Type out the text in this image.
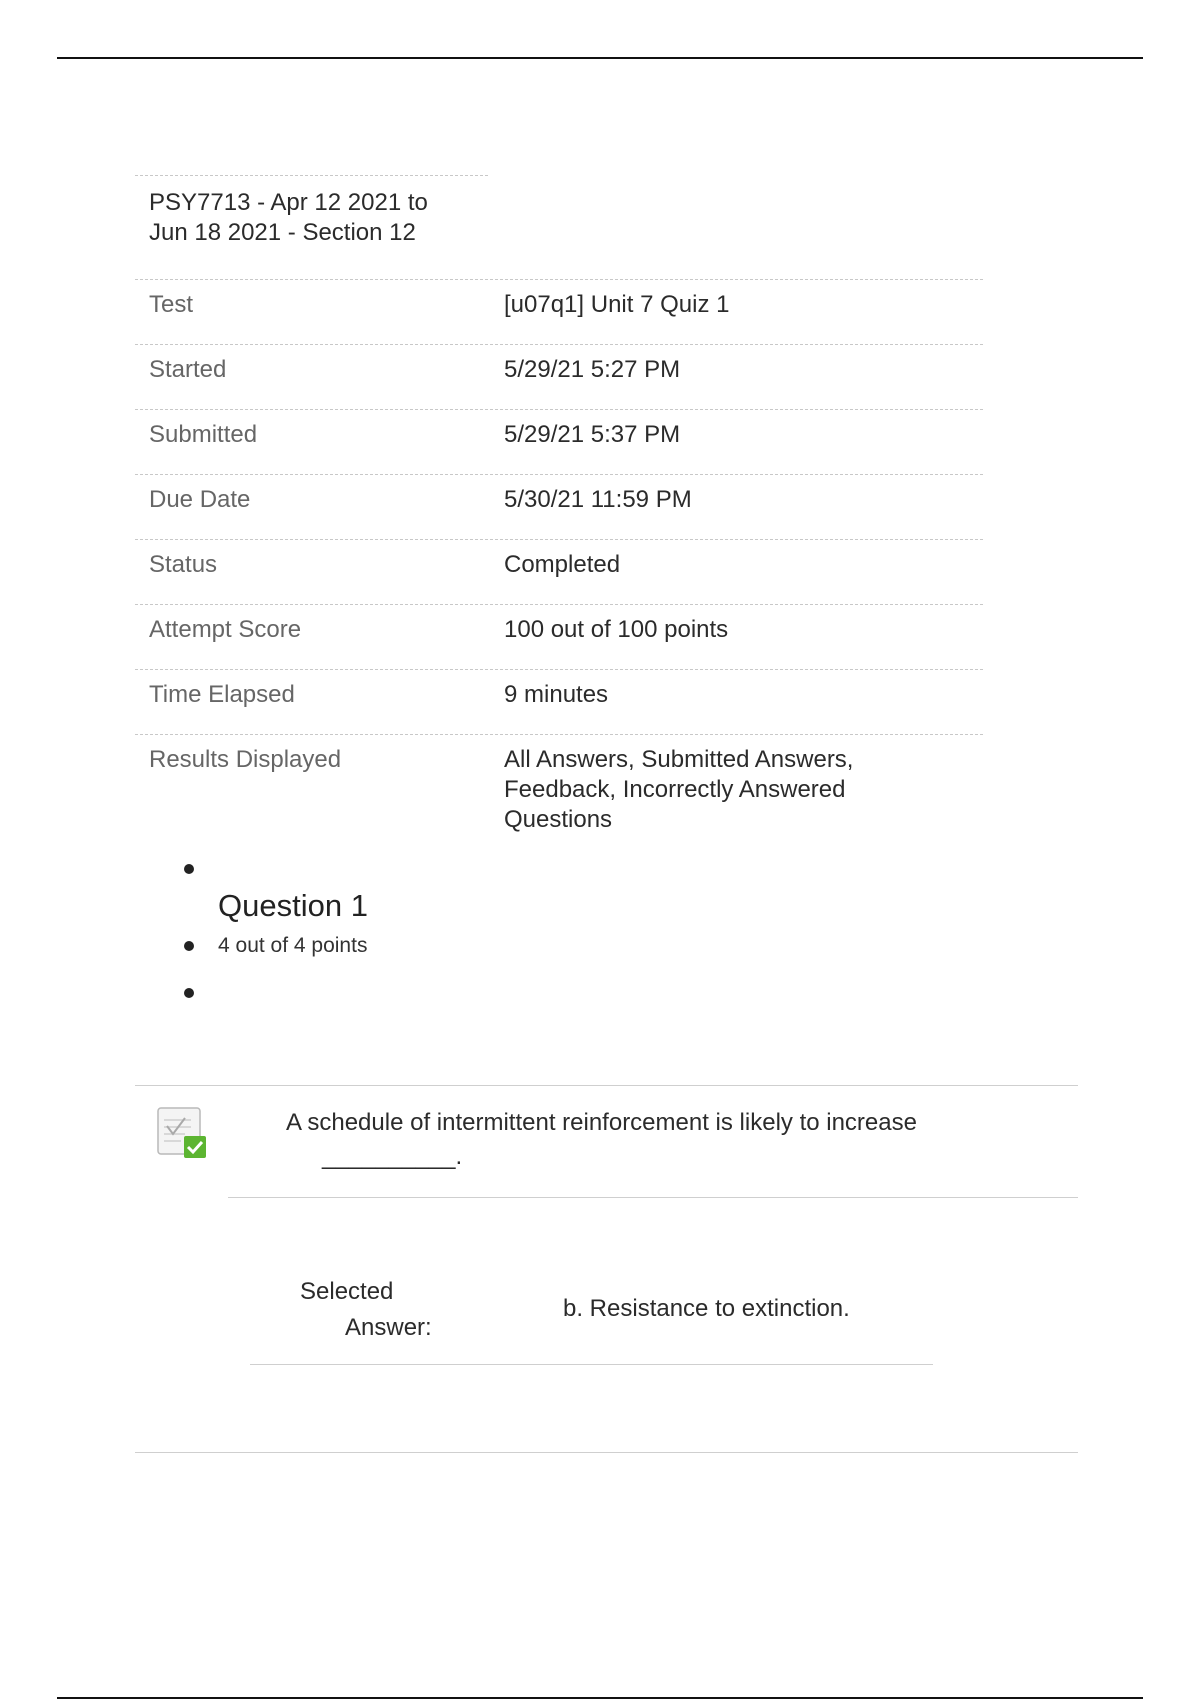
PSY7713 - Apr 12 2021 to Jun 18 2021 - Section 12
Test	[u07q1] Unit 7 Quiz 1
Started	5/29/21 5:27 PM
Submitted	5/29/21 5:37 PM
Due Date	5/30/21 11:59 PM
Status	Completed
Attempt Score	100 out of 100 points
Time Elapsed	9 minutes
Results Displayed	All Answers, Submitted Answers, Feedback, Incorrectly Answered Questions
Question 1
4 out of 4 points
A schedule of intermittent reinforcement is likely to increase
__________.
Selected
Answer:
b. Resistance to extinction.
